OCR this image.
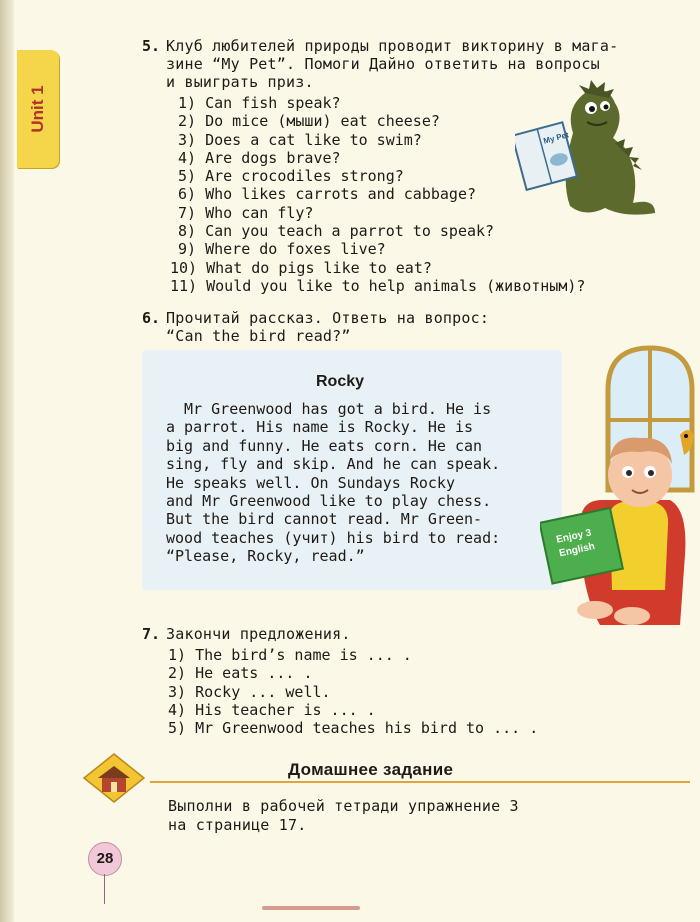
Unit 1
5. Клуб любителей природы проводит викторину в мага-
зине “My Pet”. Помоги Дайно ответить на вопросы
и выиграть приз.
1) Can fish speak?
2) Do mice (мыши) eat cheese?
3) Does a cat like to swim?
4) Are dogs brave?
5) Are crocodiles strong?
6) Who likes carrots and cabbage?
7) Who can fly?
8) Can you teach a parrot to speak?
9) Where do foxes live?
10) What do pigs like to eat?
11) Would you like to help animals (животным)?
My Pet
6. Прочитай рассказ. Ответь на вопрос:
“Can the bird read?”
Rocky
Mr Greenwood has got a bird. He is
a parrot. His name is Rocky. He is
big and funny. He eats corn. He can
sing, fly and skip. And he can speak.
He speaks well. On Sundays Rocky
and Mr Greenwood like to play chess.
But the bird cannot read. Mr Green-
wood teaches (учит) his bird to read:
“Please, Rocky, read.”
Enjoy 3
English
7. Закончи предложения.
1) The bird’s name is ... .
2) He eats ... .
3) Rocky ... well.
4) His teacher is ... .
5) Mr Greenwood teaches his bird to ... .
Домашнее задание
Выполни в рабочей тетради упражнение 3
на странице 17.
28
